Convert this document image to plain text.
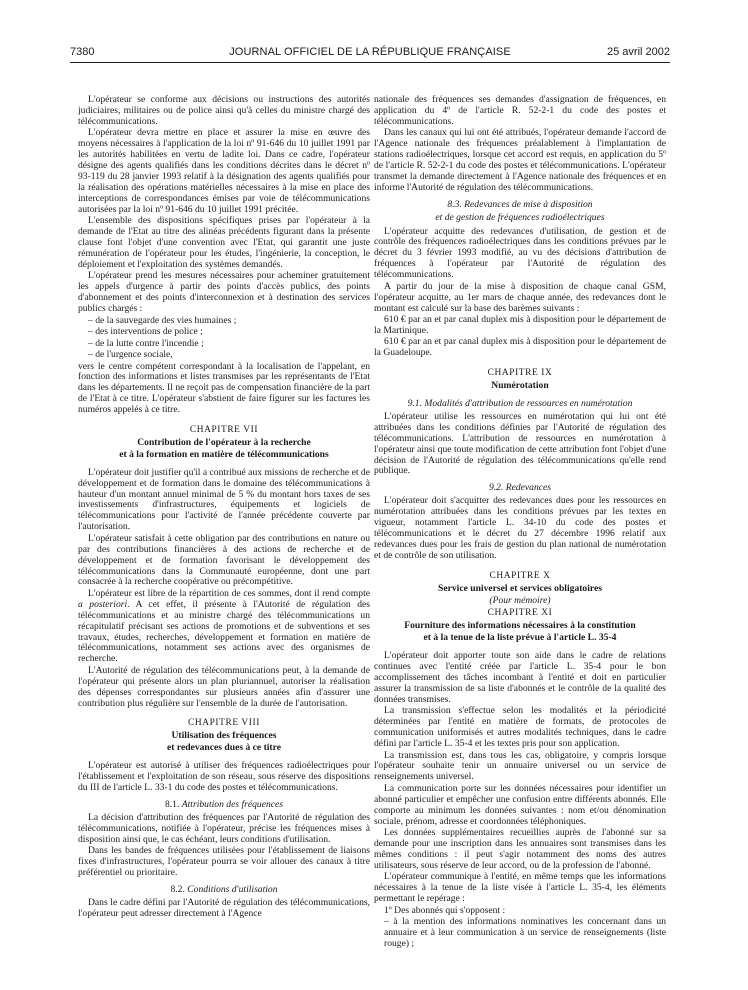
JOURNAL OFFICIEL DE LA RÉPUBLIQUE FRANÇAISE
7380	25 avril 2002

L'opérateur se conforme aux décisions ou instructions des autorités judiciaires, militaires ou de police ainsi qu'à celles du ministre chargé des télécommunications.

L'opérateur devra mettre en place et assurer la mise en œuvre des moyens nécessaires à l'application de la loi nº 91-646 du 10 juillet 1991 par les autorités habilitées en vertu de ladite loi. Dans ce cadre, l'opérateur désigne des agents qualifiés dans les conditions décrites dans le décret nº 93-119 du 28 janvier 1993 relatif à la désignation des agents qualifiés pour la réalisation des opérations matérielles nécessaires à la mise en place des interceptions de correspondances émises par voie de télécommunications autorisées par la loi nº 91-646 du 10 juillet 1991 précitée.

L'ensemble des dispositions spécifiques prises par l'opérateur à la demande de l'Etat au titre des alinéas précédents figurant dans la présente clause font l'objet d'une convention avec l'Etat, qui garantit une juste rémunération de l'opérateur pour les études, l'ingénierie, la conception, le déploiement et l'exploitation des systèmes demandés.

L'opérateur prend les mesures nécessaires pour acheminer gratuitement les appels d'urgence à partir des points d'accès publics, des points d'abonnement et des points d'interconnexion et à destination des services publics chargés :

– de la sauvegarde des vies humaines ;

– des interventions de police ;

– de la lutte contre l'incendie ;

– de l'urgence sociale,

vers le centre compétent correspondant à la localisation de l'appelant, en fonction des informations et listes transmises par les représentants de l'Etat dans les départements. Il ne reçoit pas de compensation financière de la part de l'Etat à ce titre. L'opérateur s'abstient de faire figurer sur les factures les numéros appelés à ce titre.

CHAPITRE VII
Contribution de l'opérateur à la recherche
et à la formation en matière de télécommunications

L'opérateur doit justifier qu'il a contribué aux missions de recherche et de développement et de formation dans le domaine des télécommunications à hauteur d'un montant annuel minimal de 5 % du montant hors taxes de ses investissements d'infrastructures, équipements et logiciels de télécommunications pour l'activité de l'année précédente couverte par l'autorisation.

L'opérateur satisfait à cette obligation par des contributions en nature ou par des contributions financières à des actions de recherche et de développement et de formation favorisant le développement des télécommunications dans la Communauté européenne, dont une part consacrée à la recherche coopérative ou précompétitive.

L'opérateur est libre de la répartition de ces sommes, dont il rend compte a posteriori. A cet effet, il présente à l'Autorité de régulation des télécommunications et au ministre chargé des télécommunications un récapitulatif précisant ses actions de promotions et de subventions et ses travaux, études, recherches, développement et formation en matière de télécommunications, notamment ses actions avec des organismes de recherche.

L'Autorité de régulation des télécommunications peut, à la demande de l'opérateur qui présente alors un plan pluriannuel, autoriser la réalisation des dépenses correspondantes sur plusieurs années afin d'assurer une contribution plus régulière sur l'ensemble de la durée de l'autorisation.

CHAPITRE VIII
Utilisation des fréquences
et redevances dues à ce titre

L'opérateur est autorisé à utiliser des fréquences radioélectriques pour l'établissement et l'exploitation de son réseau, sous réserve des dispositions du III de l'article L. 33-1 du code des postes et télécommunications.

8.1. Attribution des fréquences

La décision d'attribution des fréquences par l'Autorité de régulation des télécommunications, notifiée à l'opérateur, précise les fréquences mises à disposition ainsi que, le cas échéant, leurs conditions d'utilisation.

Dans les bandes de fréquences utilisées pour l'établissement de liaisons fixes d'infrastructures, l'opérateur pourra se voir allouer des canaux à titre préférentiel ou prioritaire.

8.2. Conditions d'utilisation

Dans le cadre défini par l'Autorité de régulation des télécommunications, l'opérateur peut adresser directement à l'Agence

nationale des fréquences ses demandes d'assignation de fréquences, en application du 4º de l'article R. 52-2-1 du code des postes et télécommunications.

Dans les canaux qui lui ont été attribués, l'opérateur demande l'accord de l'Agence nationale des fréquences préalablement à l'implantation de stations radioélectriques, lorsque cet accord est requis, en application du 5º de l'article R. 52-2-1 du code des postes et télécommunications. L'opérateur transmet la demande directement à l'Agence nationale des fréquences et en informe l'Autorité de régulation des télécommunications.

8.3. Redevances de mise à disposition
et de gestion de fréquences radioélectriques

L'opérateur acquitte des redevances d'utilisation, de gestion et de contrôle des fréquences radioélectriques dans les conditions prévues par le décret du 3 février 1993 modifié, au vu des décisions d'attribution de fréquences à l'opérateur par l'Autorité de régulation des télécommunications.

A partir du jour de la mise à disposition de chaque canal GSM, l'opérateur acquitte, au 1er mars de chaque année, des redevances dont le montant est calculé sur la base des barèmes suivants :

610 € par an et par canal duplex mis à disposition pour le département de la Martinique.

610 € par an et par canal duplex mis à disposition pour le département de la Guadeloupe.

CHAPITRE IX
Numérotation
9.1. Modalités d'attribution de ressources en numérotation

L'opérateur utilise les ressources en numérotation qui lui ont été attribuées dans les conditions définies par l'Autorité de régulation des télécommunications. L'attribution de ressources en numérotation à l'opérateur ainsi que toute modification de cette attribution font l'objet d'une décision de l'Autorité de régulation des télécommunications qu'elle rend publique.

9.2. Redevances

L'opérateur doit s'acquitter des redevances dues pour les ressources en numérotation attribuées dans les conditions prévues par les textes en vigueur, notamment l'article L. 34-10 du code des postes et télécommunications et le décret du 27 décembre 1996 relatif aux redevances dues pour les frais de gestion du plan national de numérotation et de contrôle de son utilisation.

CHAPITRE X
Service universel et services obligatoires
(Pour mémoire)
CHAPITRE XI
Fourniture des informations nécessaires à la constitution
et à la tenue de la liste prévue à l'article L. 35-4

L'opérateur doit apporter toute son aide dans le cadre de relations continues avec l'entité créée par l'article L. 35-4 pour le bon accomplissement des tâches incombant à l'entité et doit en particulier assurer la transmission de sa liste d'abonnés et le contrôle de la qualité des données transmises.

La transmission s'effectue selon les modalités et la périodicité déterminées par l'entité en matière de formats, de protocoles de communication uniformisés et autres modalités techniques, dans le cadre défini par l'article L. 35-4 et les textes pris pour son application.

La transmission est, dans tous les cas, obligatoire, y compris lorsque l'opérateur souhaite tenir un annuaire universel ou un service de renseignements universel.

La communication porte sur les données nécessaires pour identifier un abonné particulier et empêcher une confusion entre différents abonnés. Elle comporte au minimum les données suivantes : nom et/ou dénomination sociale, prénom, adresse et coordonnées téléphoniques.

Les données supplémentaires recueillies auprès de l'abonné sur sa demande pour une inscription dans les annuaires sont transmises dans les mêmes conditions : il peut s'agir notamment des noms des autres utilisateurs, sous réserve de leur accord, ou de la profession de l'abonné.

L'opérateur communique à l'entité, en même temps que les informations nécessaires à la tenue de la liste visée à l'article L. 35-4, les éléments permettant le repérage :

1º Des abonnés qui s'opposent :

– à la mention des informations nominatives les concernant dans un annuaire et à leur communication à un service de renseignements (liste rouge) ;
